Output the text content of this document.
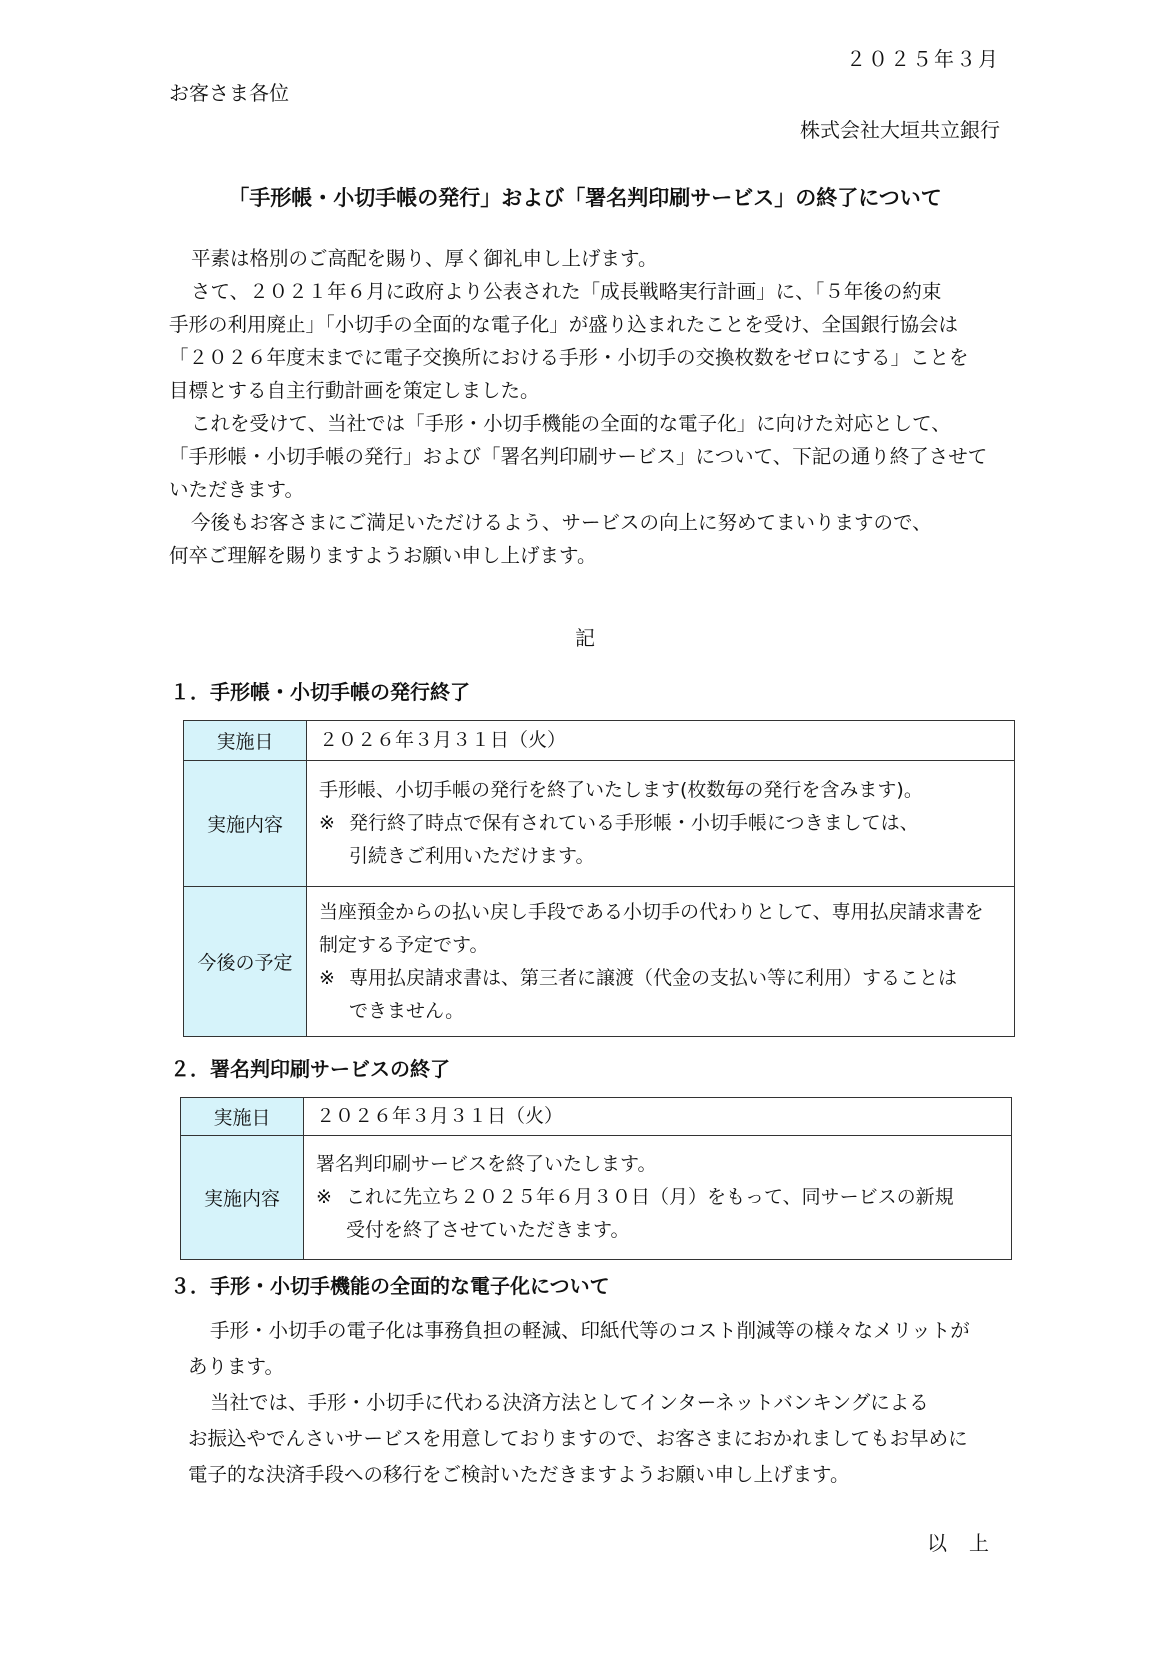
２０２５年３月
お客さま各位
株式会社大垣共立銀行
「手形帳・小切手帳の発行」および「署名判印刷サービス」の終了について

平素は格別のご高配を賜り、厚く御礼申し上げます。

さて、２０２１年６月に政府より公表された「成長戦略実行計画」に、「５年後の約束

手形の利用廃止」「小切手の全面的な電子化」が盛り込まれたことを受け、全国銀行協会は

「２０２６年度末までに電子交換所における手形・小切手の交換枚数をゼロにする」ことを

目標とする自主行動計画を策定しました。

これを受けて、当社では「手形・小切手機能の全面的な電子化」に向けた対応として、

「手形帳・小切手帳の発行」および「署名判印刷サービス」について、下記の通り終了させて

いただきます。

今後もお客さまにご満足いただけるよう、サービスの向上に努めてまいりますので、

何卒ご理解を賜りますようお願い申し上げます。

記
１．手形帳・小切手帳の発行終了
実施日	２０２６年３月３１日（火）

実施内容	手形帳、小切手帳の発行を終了いたします(枚数毎の発行を含みます)。
※ 発行終了時点で保有されている手形帳・小切手帳につきましては、
引続きご利用いただけます。

今後の予定	当座預金からの払い戻し手段である小切手の代わりとして、専用払戻請求書を
制定する予定です。
※ 専用払戻請求書は、第三者に譲渡（代金の支払い等に利用）することは
できません。
２．署名判印刷サービスの終了
実施日	２０２６年３月３１日（火）

実施内容	署名判印刷サービスを終了いたします。
※ これに先立ち２０２５年６月３０日（月）をもって、同サービスの新規
受付を終了させていただきます。
３．手形・小切手機能の全面的な電子化について

手形・小切手の電子化は事務負担の軽減、印紙代等のコスト削減等の様々なメリットが

あります。

当社では、手形・小切手に代わる決済方法としてインターネットバンキングによる

お振込やでんさいサービスを用意しておりますので、お客さまにおかれましてもお早めに

電子的な決済手段への移行をご検討いただきますようお願い申し上げます。

以上
